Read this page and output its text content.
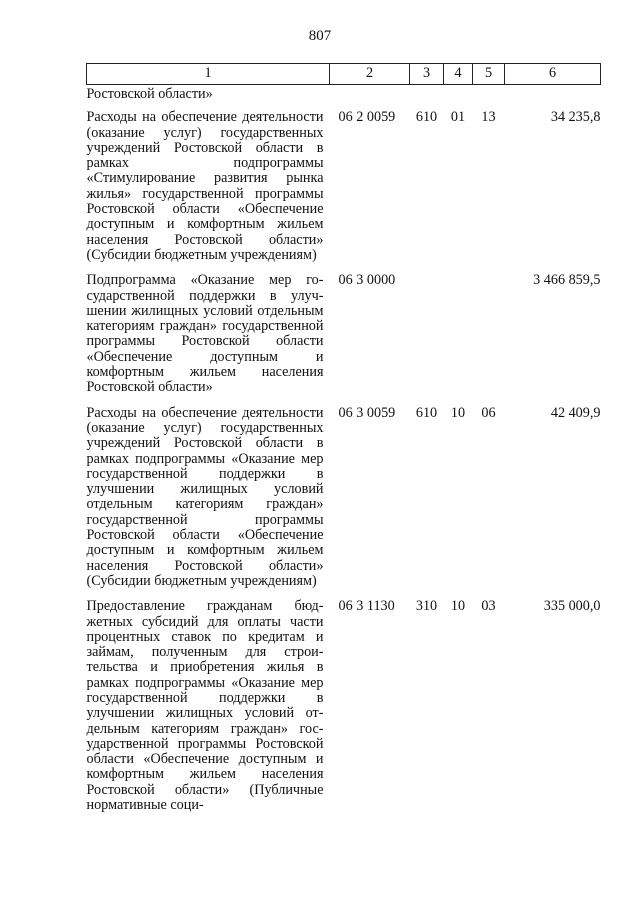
807
1	2	3	4	5	6
Ростовской области»					
Расходы на обеспечение деятельности (оказание услуг) государственных учреждений Ростовской области в рамках подпрограммы «Стимулирование развития рынка жилья» государственной программы Ростовской области «Обеспечение доступным и комфортным жильем населения Ростовской области» (Субсидии бюджетным учреждениям)	06 2 0059	610	01	13	34 235,8
Подпрограмма «Оказание мер государственной поддержки в улучшении жилищных условий отдельным категориям граждан» государственной программы Ростовской области «Обеспечение доступным и комфортным жильем населения Ростовской области»	06 3 0000				3 466 859,5
Расходы на обеспечение деятельности (оказание услуг) государственных учреждений Ростовской области в рамках подпрограммы «Оказание мер государственной поддержки в улучшении жилищных условий отдельным категориям граждан» государственной программы Ростовской области «Обеспечение доступным и комфортным жильем населения Ростовской области» (Субсидии бюджетным учреждениям)	06 3 0059	610	10	06	42 409,9
Предоставление гражданам бюджетных субсидий для оплаты части процентных ставок по кредитам и займам, полученным для строительства и приобретения жилья в рамках подпрограммы «Оказание мер государственной поддержки в улучшении жилищных условий отдельным категориям граждан» государственной программы Ростовской области «Обеспечение доступным и комфортным жильем населения Ростовской области» (Публичные нормативные соци-	06 3 1130	310	10	03	335 000,0
